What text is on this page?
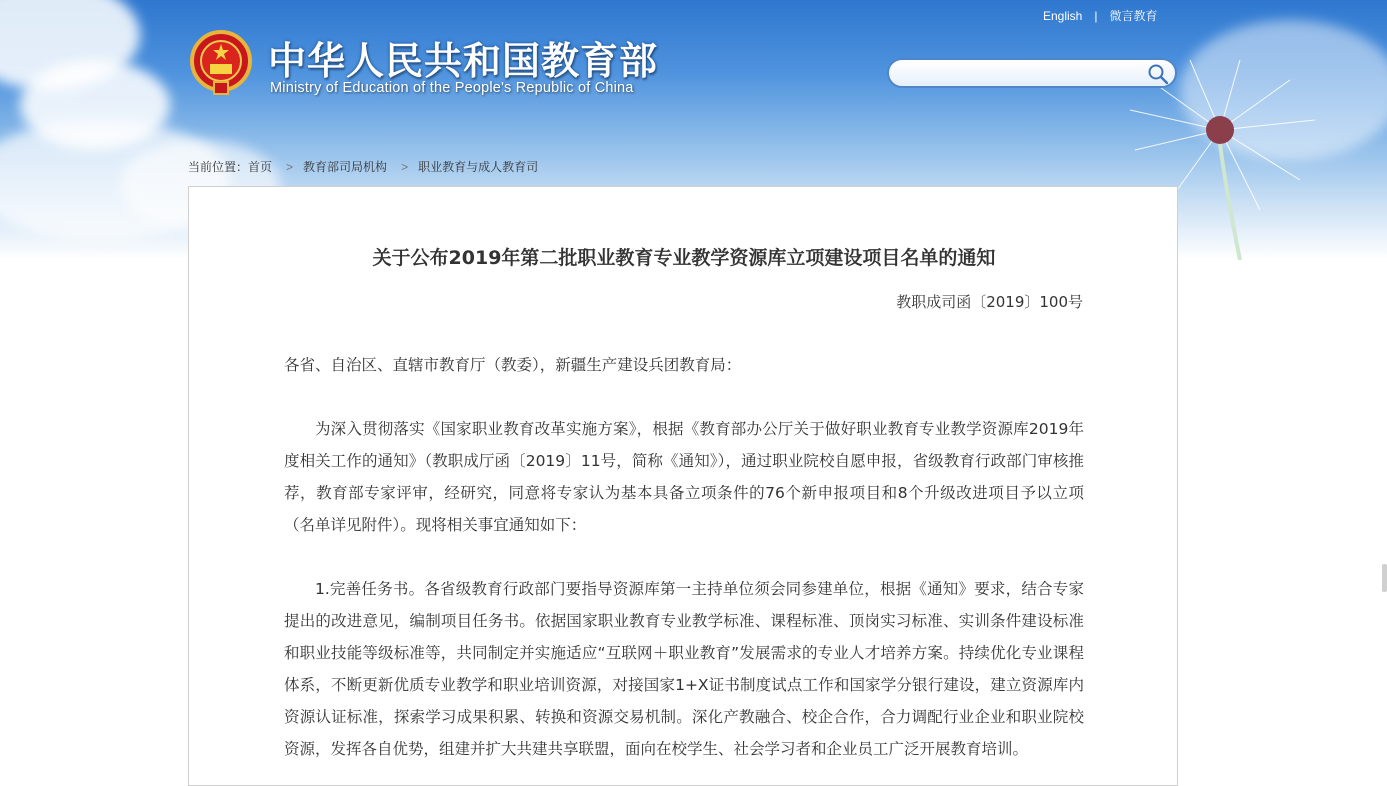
中华人民共和国教育部

Ministry of Education of the People's Republic of China

English | 微言教育
当前位置：首页 > 教育部司局机构 > 职业教育与成人教育司
关于公布2019年第二批职业教育专业教学资源库立项建设项目名单的通知

教职成司函〔2019〕100号

各省、自治区、直辖市教育厅（教委），新疆生产建设兵团教育局：

为深入贯彻落实《国家职业教育改革实施方案》，根据《教育部办公厅关于做好职业教育专业教学资源库2019年度相关工作的通知》（教职成厅函〔2019〕11号，简称《通知》），通过职业院校自愿申报，省级教育行政部门审核推荐，教育部专家评审，经研究，同意将专家认为基本具备立项条件的76个新申报项目和8个升级改进项目予以立项（名单详见附件）。现将相关事宜通知如下：

1.完善任务书。各省级教育行政部门要指导资源库第一主持单位须会同参建单位，根据《通知》要求，结合专家提出的改进意见，编制项目任务书。依据国家职业教育专业教学标准、课程标准、顶岗实习标准、实训条件建设标准和职业技能等级标准等，共同制定并实施适应“互联网＋职业教育”发展需求的专业人才培养方案。持续优化专业课程体系，不断更新优质专业教学和职业培训资源，对接国家1+X证书制度试点工作和国家学分银行建设，建立资源库内资源认证标准，探索学习成果积累、转换和资源交易机制。深化产教融合、校企合作，合力调配行业企业和职业院校资源，发挥各自优势，组建并扩大共建共享联盟，面向在校学生、社会学习者和企业员工广泛开展教育培训。
